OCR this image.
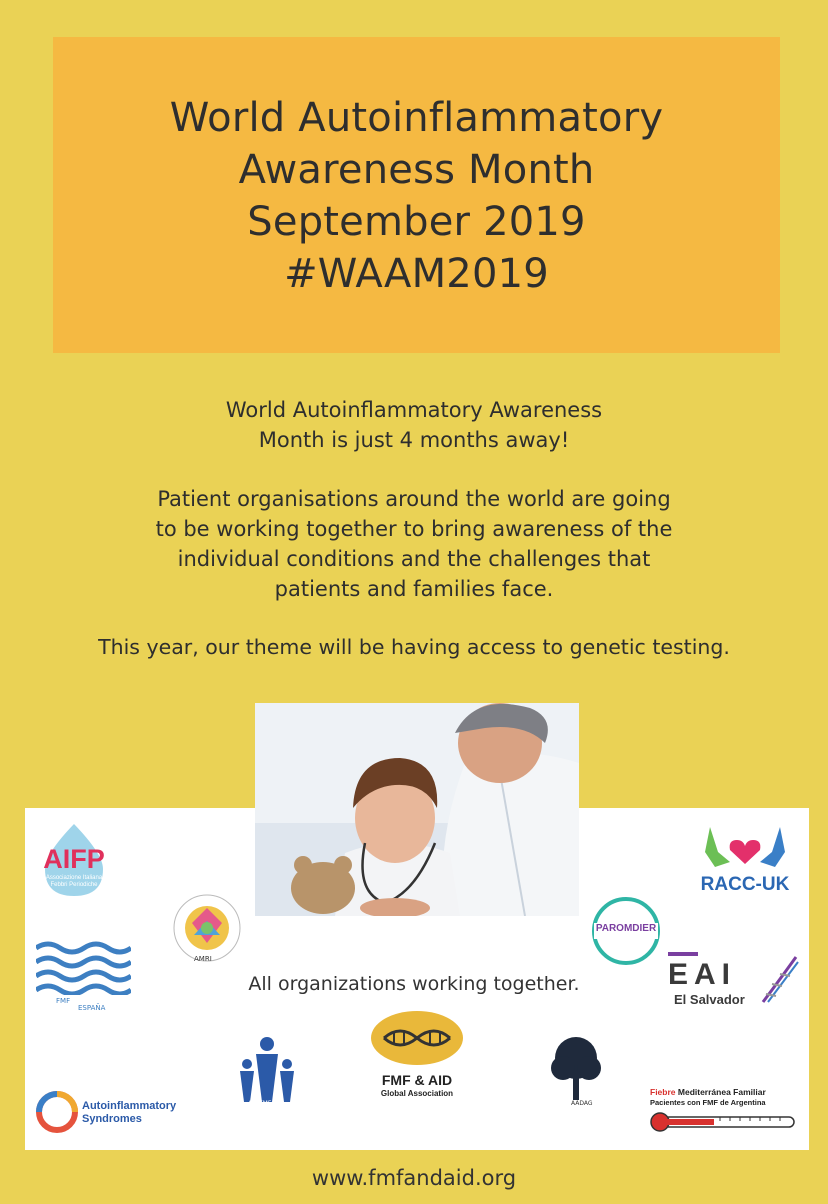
World Autoinflammatory
Awareness Month
September 2019
#WAAM2019
World Autoinflammatory Awareness
Month is just 4 months away!
Patient organisations around the world are going
to be working together to bring awareness of the
individual conditions and the challenges that
patients and families face.
This year, our theme will be having access to genetic testing.
AIFP
Associazione Italiana
Febbri Periodiche
FMF
ESPAÑA
AMRI
RACC-UK
PAROMDIER
EAI
El Salvador
FMF & AID
Global Association
AM FMF	AADAG
Autoinflammatory
Syndromes
Fiebre Mediterránea Familiar
Pacientes con FMF de Argentina
All organizations working together.
www.fmfandaid.org
